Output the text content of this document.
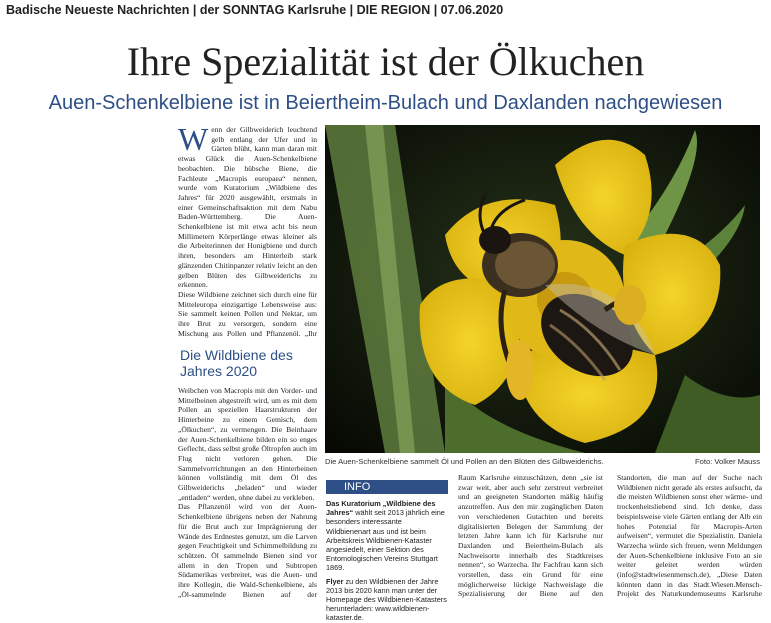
Badische Neueste Nachrichten | der SONNTAG Karlsruhe | DIE REGION | 07.06.2020
Ihre Spezialität ist der Ölkuchen
Auen-Schenkelbiene ist in Beiertheim-Bulach und Daxlanden nachgewiesen
W enn der Gilbweiderich leuchtend gelb entlang der Ufer und in Gärten blüht, kann man daran mit etwas Glück die Auen-Schenkelbiene beobachten. Die hübsche Biene, die Fachleute „Macropis europaea“ nennen, wurde vom Kuratorium „Wildbiene des Jahres“ für 2020 ausgewählt, erstmals in einer Gemeinschaftsaktion mit dem Nabu Baden-Württemberg. Die Auen-Schenkelbiene ist mit etwa acht bis neun Millimetern Körperlänge etwas kleiner als die Arbeiterinnen der Honigbiene und durch ihren, besonders am Hinterleib stark glänzenden Chitinpanzer relativ leicht an den gelben Blüten des Gilbweiderichs zu erkennen.

Diese Wildbiene zeichnet sich durch eine für Mitteleuropa einzigartige Lebensweise aus: Sie sammelt keinen Pollen und Nektar, um ihre Brut zu versorgen, sondern eine Mischung aus Pollen und Pflanzenöl. „Ihr

Die Wildbiene des Jahres 2020

Weibchen von Macropis mit den Vorder- und Mittelbeinen abgestreift wird, um es mit dem Pollen an speziellen Haarstrukturen der Hinterbeine zu einem Gemisch, dem „Ölkuchen“, zu vermengen. Die Beinhaare der Auen-Schenkelbiene bilden ein so enges Geflecht, dass selbst große Öltropfen auch im Flug nicht verloren gehen. Die Sammelvorrichtungen an den Hinterbeinen können vollständig mit dem Öl des Gilbweiderichs „beladen“ und wieder „entladen“ werden, ohne dabei zu verkleben.

Das Pflanzenöl wird von der Auen-Schenkelbiene übrigens neben der Nahrung für die Brut auch zur Imprägnierung der Wände des Erdnestes genutzt, um die Larven gegen Feuchtigkeit und Schimmelbildung zu schützen. Öl sammelnde Bienen sind vor allem in den Tropen und Subtropen Südamerikas verbreitet, was die Auen- und ihre Kollegin, die Wald-Schenkelbiene, als „Öl-sammelnde Bienen auf der

Die Auen-Schenkelbiene sammelt Öl und Pollen an den Blüten des Gilbweiderichs.	Foto: Volker Mauss
INFO

Das Kuratorium „Wildbiene des Jahres“ wählt seit 2013 jährlich eine besonders interessante Wildbienenart aus und ist beim Arbeitskreis Wildbienen-Kataster angesiedelt, einer Sektion des Entomologischen Vereins Stuttgart 1869.

Flyer zu den Wildbienen der Jahre 2013 bis 2020 kann man unter der Homepage des Wildbienen-Katasters herunterladen: www.wildbienen-kataster.de.

Raum Karlsruhe einzuschätzen, denn „sie ist zwar weit, aber auch sehr zerstreut verbreitet und an geeigneten Standorten mäßig häufig anzutreffen. Aus den mir zugänglichen Daten von verschiedenen Gutachten und bereits digitalisierten Belegen der Sammlung der letzten Jahre kann ich für Karlsruhe nur Daxlanden und Beiertheim-Bulach als Nachweisorte innerhalb des Stadtkreises nennen“, so Warzecha. Ihr Fachfrau kann sich vorstellen, dass ein Grund für eine möglicherweise lückige Nachweislage die Spezialisierung der Biene auf den

Standorten, die man auf der Suche nach Wildbienen nicht gerade als erstes aufsucht, da die meisten Wildbienen sonst eher wärme- und trockenheitsliebend sind. Ich denke, dass beispielsweise viele Gärten entlang der Alb ein hohes Potenzial für Macropis-Arten aufweisen“, vermutet die Spezialistin. Daniela Warzecha würde sich freuen, wenn Meldungen der Auen-Schenkelbiene inklusive Foto an sie weiter geleitet werden würden (info@stadtwiesenmensch.de), „Diese Daten könnten dann in das Stadt.Wiesen.Mensch-Projekt des Naturkundemuseums Karlsruhe
